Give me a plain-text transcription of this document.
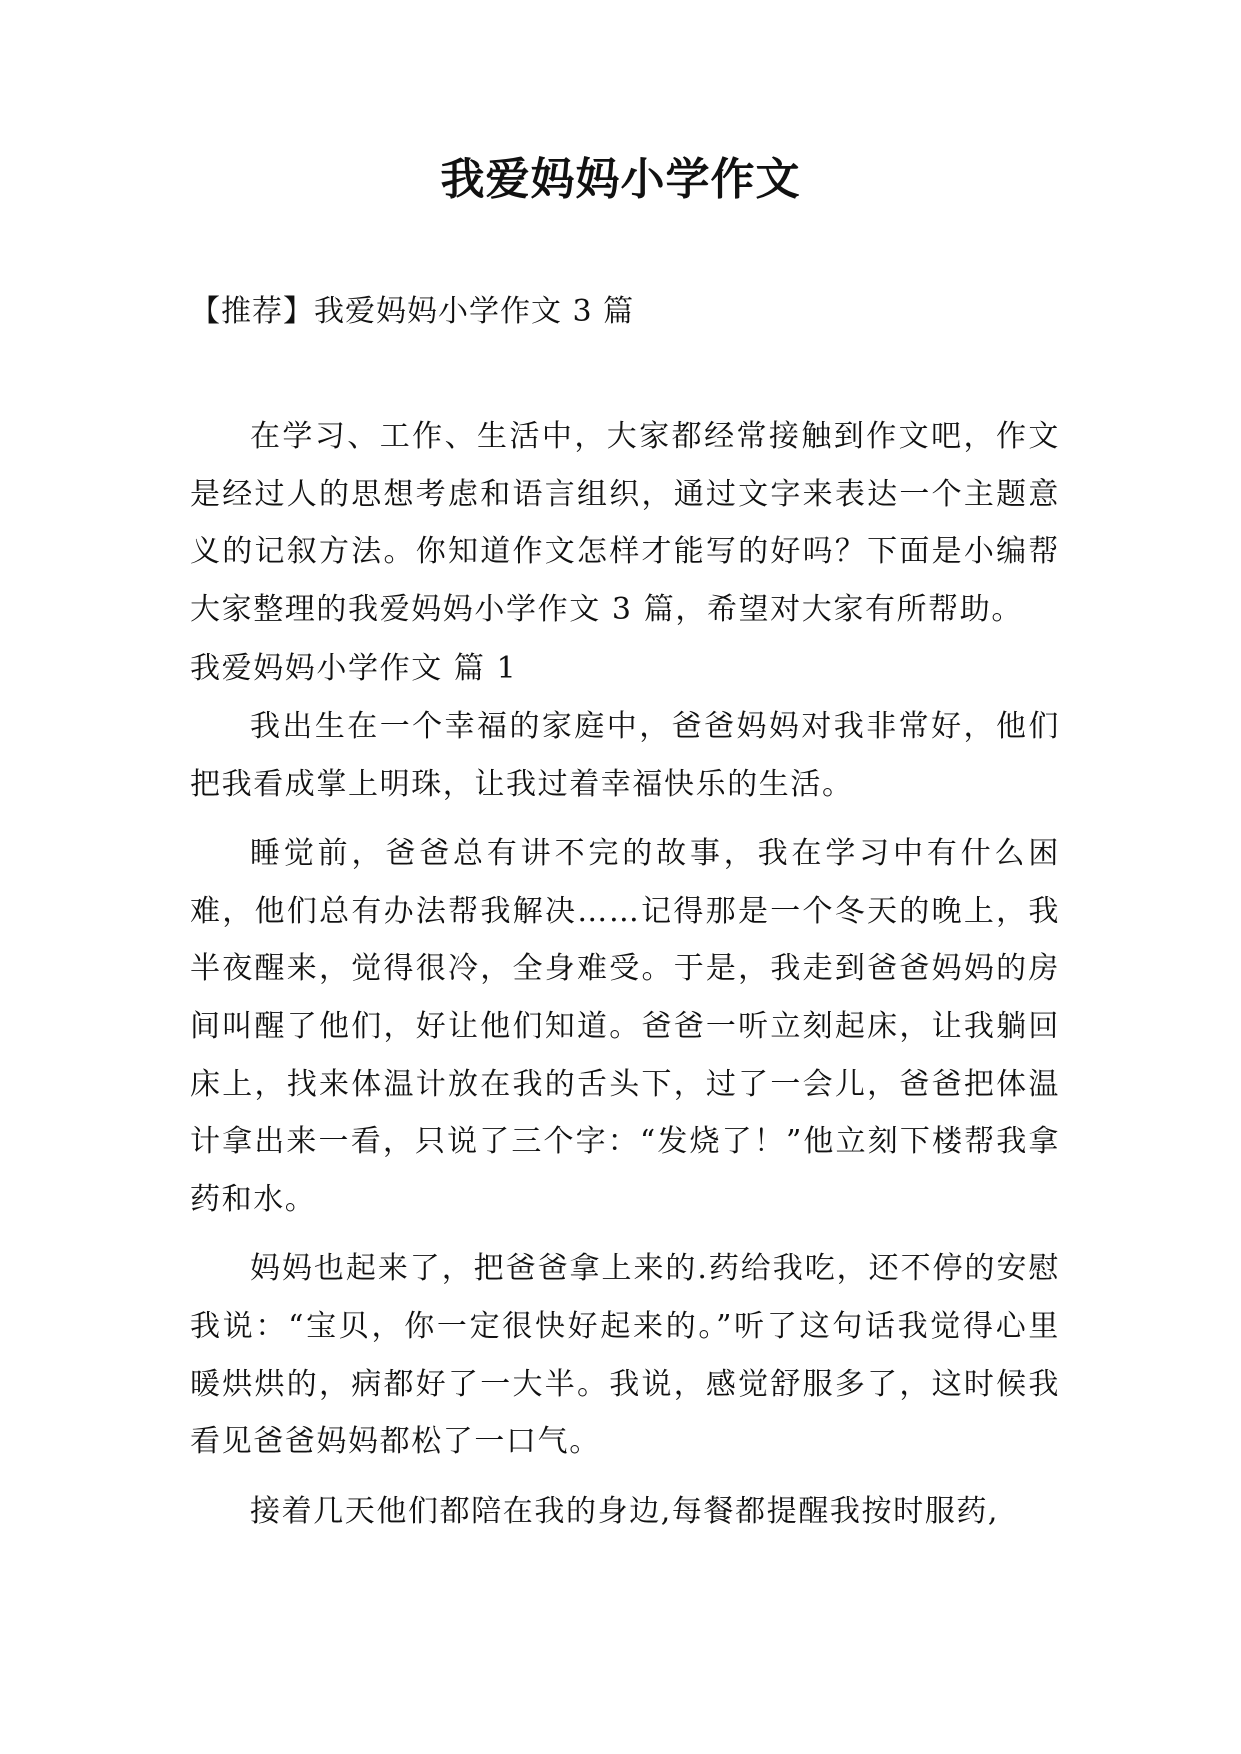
我爱妈妈小学作文
【推荐】我爱妈妈小学作文 3 篇

在学习、工作、生活中，大家都经常接触到作文吧，作文是经过人的思想考虑和语言组织，通过文字来表达一个主题意义的记叙方法。你知道作文怎样才能写的好吗？下面是小编帮大家整理的我爱妈妈小学作文 3 篇，希望对大家有所帮助。

我爱妈妈小学作文 篇 1

我出生在一个幸福的家庭中，爸爸妈妈对我非常好，他们把我看成掌上明珠，让我过着幸福快乐的生活。

睡觉前，爸爸总有讲不完的故事，我在学习中有什么困难，他们总有办法帮我解决……记得那是一个冬天的晚上，我半夜醒来，觉得很冷，全身难受。于是，我走到爸爸妈妈的房间叫醒了他们，好让他们知道。爸爸一听立刻起床，让我躺回床上，找来体温计放在我的舌头下，过了一会儿，爸爸把体温计拿出来一看，只说了三个字：“发烧了！”他立刻下楼帮我拿药和水。

妈妈也起来了，把爸爸拿上来的.药给我吃，还不停的安慰我说：“宝贝，你一定很快好起来的。”听了这句话我觉得心里暖烘烘的，病都好了一大半。我说，感觉舒服多了，这时候我看见爸爸妈妈都松了一口气。

接着几天他们都陪在我的身边,每餐都提醒我按时服药,
